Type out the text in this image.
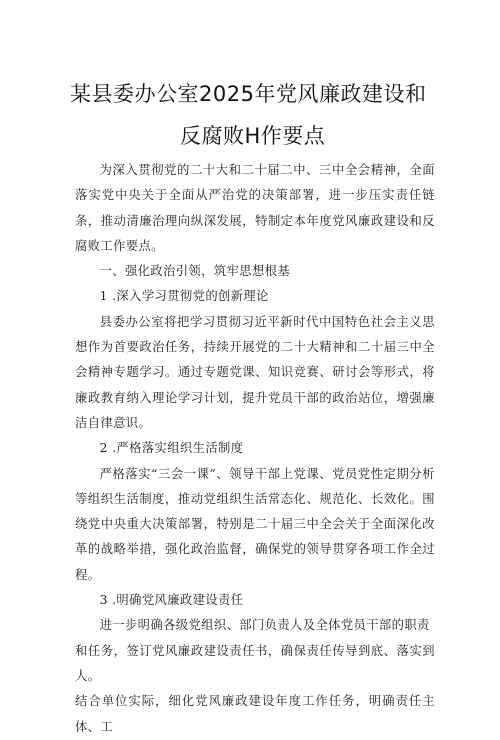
某县委办公室2025年党风廉政建设和
反腐败H作要点

为深入贯彻党的二十大和二十届二中、三中全会精神，全面落实党中央关于全面从严治党的决策部署，进一步压实责任链条，推动清廉治理向纵深发展，特制定本年度党风廉政建设和反腐败工作要点。

一、强化政治引领，筑牢思想根基

1 .深入学习贯彻党的创新理论

县委办公室将把学习贯彻习近平新时代中国特色社会主义思想作为首要政治任务，持续开展党的二十大精神和二十届三中全会精神专题学习。通过专题党课、知识竞赛、研讨会等形式，将廉政教育纳入理论学习计划，提升党员干部的政治站位，增强廉洁自律意识。

2 .严格落实组织生活制度

严格落实“三会一课”、领导干部上党课、党员党性定期分析等组织生活制度，推动党组织生活常态化、规范化、长效化。围绕党中央重大决策部署，特别是二十届三中全会关于全面深化改革的战略举措，强化政治监督，确保党的领导贯穿各项工作全过程。

3 .明确党风廉政建设责任

进一步明确各级党组织、部门负责人及全体党员干部的职责

和任务，签订党风廉政建设责任书，确保责任传导到底、落实到人。

结合单位实际，细化党风廉政建设年度工作任务，明确责任主体、工
